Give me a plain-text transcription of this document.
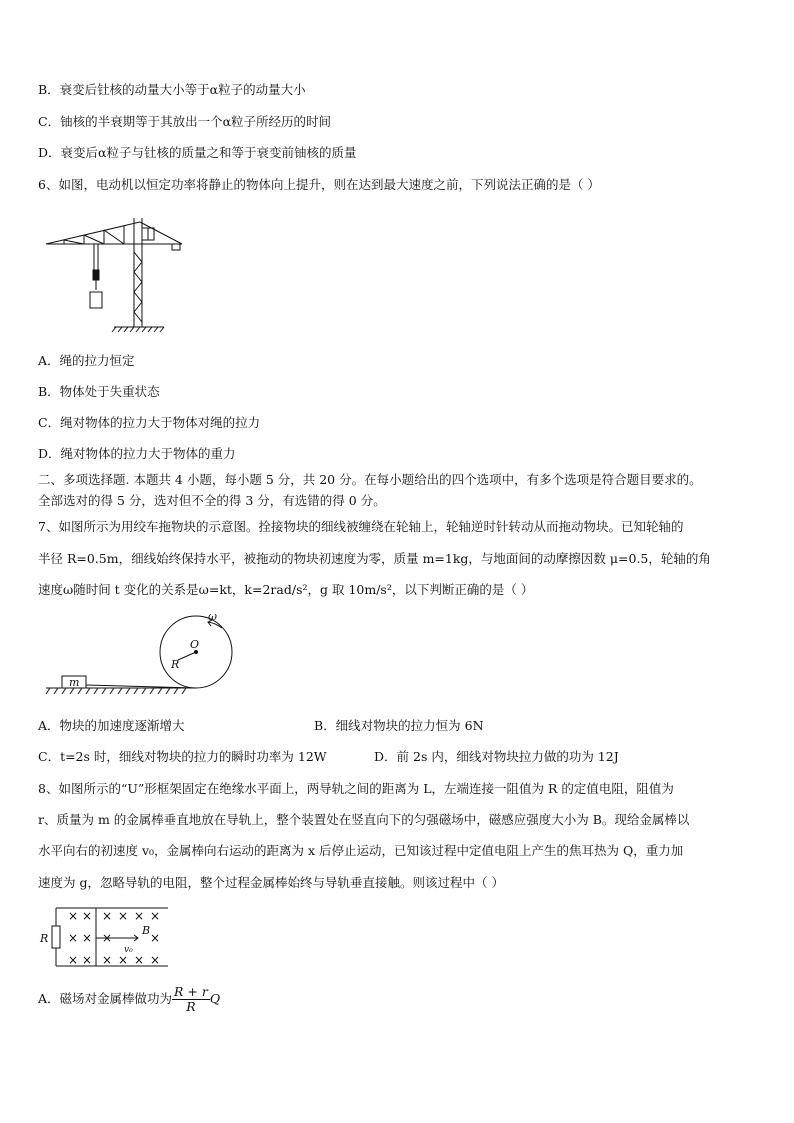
B．衰变后钍核的动量大小等于α粒子的动量大小
C．铀核的半衰期等于其放出一个α粒子所经历的时间
D．衰变后α粒子与钍核的质量之和等于衰变前铀核的质量
6、如图，电动机以恒定功率将静止的物体向上提升，则在达到最大速度之前，下列说法正确的是（ ）
A．绳的拉力恒定
B．物体处于失重状态
C．绳对物体的拉力大于物体对绳的拉力
D．绳对物体的拉力大于物体的重力
二、多项选择题. 本题共 4 小题，每小题 5 分，共 20 分。在每小题给出的四个选项中，有多个选项是符合题目要求的。
全部选对的得 5 分，选对但不全的得 3 分，有选错的得 0 分。
7、如图所示为用绞车拖物块的示意图。拴接物块的细线被缠绕在轮轴上，轮轴逆时针转动从而拖动物块。已知轮轴的
半径 R=0.5m，细线始终保持水平，被拖动的物块初速度为零，质量 m=1kg，与地面间的动摩擦因数 μ=0.5，轮轴的角
速度ω随时间 t 变化的关系是ω=kt，k=2rad/s²，g 取 10m/s²，以下判断正确的是（ ）
ω
O
R
m
A．物块的加速度逐渐增大	B．细线对物块的拉力恒为 6N
C．t=2s 时，细线对物块的拉力的瞬时功率为 12W	D．前 2s 内，细线对物块拉力做的功为 12J
8、如图所示的“U”形框架固定在绝缘水平面上，两导轨之间的距离为 L，左端连接一阻值为 R 的定值电阻，阻值为
r、质量为 m 的金属棒垂直地放在导轨上，整个装置处在竖直向下的匀强磁场中，磁感应强度大小为 B。现给金属棒以
水平向右的初速度 v₀，金属棒向右运动的距离为 x 后停止运动，已知该过程中定值电阻上产生的焦耳热为 Q，重力加
速度为 g，忽略导轨的电阻，整个过程金属棒始终与导轨垂直接触。则该过程中（ ）
× × × × × ×
× × ×	×
× × × × × ×
R
B
v₀
A．磁场对金属棒做功为 $\frac{R + r}{R}$ Q
